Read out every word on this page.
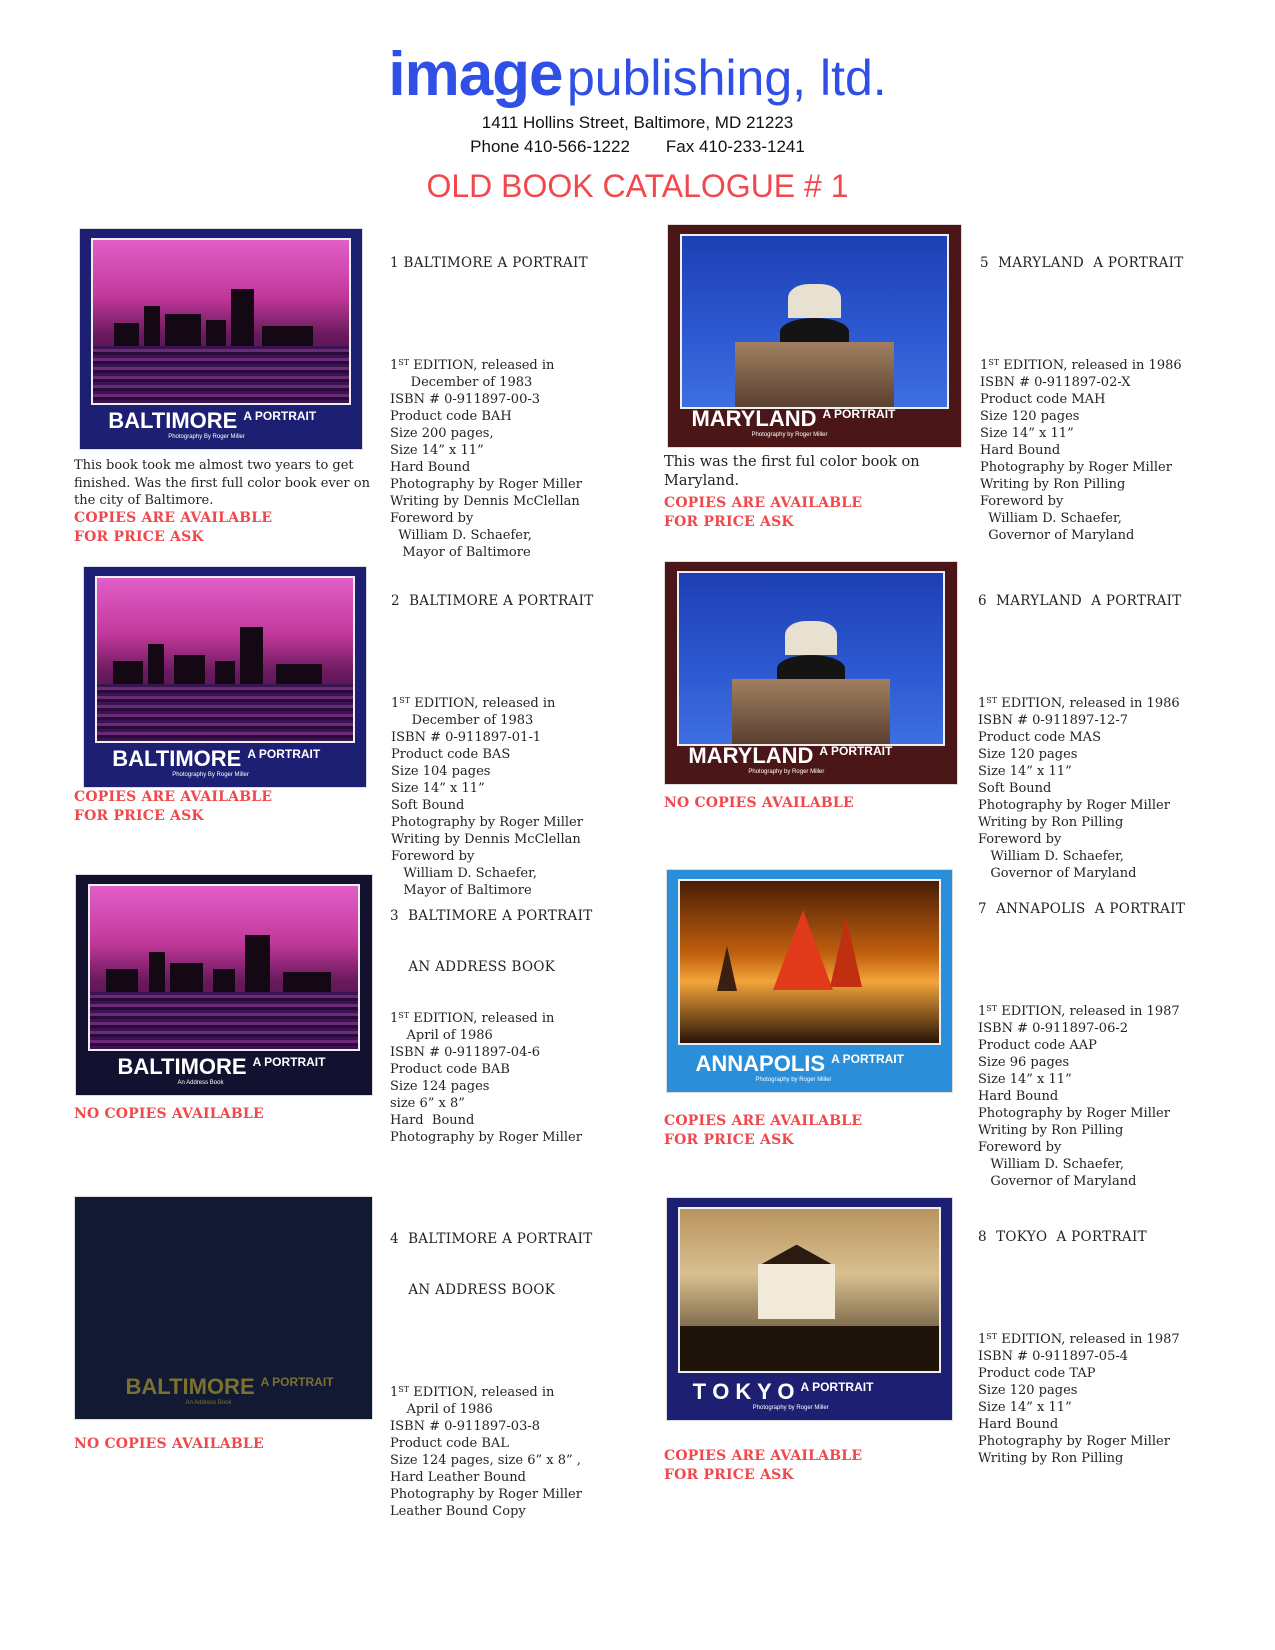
image publishing, ltd.
1411 Hollins Street, Baltimore, MD 21223
Phone 410-566-1222 Fax 410-233-1241
OLD BOOK CATALOGUE # 1
BALTIMORE $^{A PORTRAIT}$
Photography By Roger Miller

1 BALTIMORE A PORTRAIT

1ST EDITION, released in
December of 1983
ISBN # 0-911897-00-3
Product code BAH
Size 200 pages,
Size 14” x 11”
Hard Bound
Photography by Roger Miller
Writing by Dennis McClellan
Foreword by
William D. Schaefer,
Mayor of Baltimore

This book took me almost two years to get finished. Was the first full color book ever on the city of Baltimore.
COPIES ARE AVAILABLE
FOR PRICE ASK
BALTIMORE $^{A PORTRAIT}$
Photography By Roger Miller

2  BALTIMORE A PORTRAIT

1ST EDITION, released in
December of 1983
ISBN # 0-911897-01-1
Product code BAS
Size 104 pages
Size 14” x 11”
Soft Bound
Photography by Roger Miller
Writing by Dennis McClellan
Foreword by
William D. Schaefer,
Mayor of Baltimore

COPIES ARE AVAILABLE
FOR PRICE ASK
BALTIMORE $^{A PORTRAIT}$
An Address Book

3  BALTIMORE A PORTRAIT

AN ADDRESS BOOK

1ST EDITION, released in
April of 1986
ISBN # 0-911897-04-6
Product code BAB
Size 124 pages
size 6” x 8”
Hard  Bound
Photography by Roger Miller

NO COPIES AVAILABLE
BALTIMORE $^{A PORTRAIT}$
An Address Book

4  BALTIMORE A PORTRAIT

AN ADDRESS BOOK

1ST EDITION, released in
April of 1986
ISBN # 0-911897-03-8
Product code BAL
Size 124 pages, size 6” x 8” ,
Hard Leather Bound
Photography by Roger Miller
Leather Bound Copy

NO COPIES AVAILABLE
MARYLAND $^{A PORTRAIT}$
Photography by Roger Miller

5  MARYLAND  A PORTRAIT

1ST EDITION, released in 1986
ISBN # 0-911897-02-X
Product code MAH
Size 120 pages
Size 14” x 11”
Hard Bound
Photography by Roger Miller
Writing by Ron Pilling
Foreword by
William D. Schaefer,
Governor of Maryland

This was the first ful color book on Maryland.
COPIES ARE AVAILABLE
FOR PRICE ASK
MARYLAND $^{A PORTRAIT}$
Photography by Roger Miller

6  MARYLAND  A PORTRAIT

1ST EDITION, released in 1986
ISBN # 0-911897-12-7
Product code MAS
Size 120 pages
Size 14” x 11”
Soft Bound
Photography by Roger Miller
Writing by Ron Pilling
Foreword by
William D. Schaefer,
Governor of Maryland

NO COPIES AVAILABLE
ANNAPOLIS $^{A PORTRAIT}$
Photography by Roger Miller

7  ANNAPOLIS  A PORTRAIT

1ST EDITION, released in 1987
ISBN # 0-911897-06-2
Product code AAP
Size 96 pages
Size 14” x 11”
Hard Bound
Photography by Roger Miller
Writing by Ron Pilling
Foreword by
William D. Schaefer,
Governor of Maryland

COPIES ARE AVAILABLE
FOR PRICE ASK
T O K Y O $^{A PORTRAIT}$
Photography by Roger Miller

8  TOKYO  A PORTRAIT

1ST EDITION, released in 1987
ISBN # 0-911897-05-4
Product code TAP
Size 120 pages
Size 14” x 11”
Hard Bound
Photography by Roger Miller
Writing by Ron Pilling

COPIES ARE AVAILABLE
FOR PRICE ASK
